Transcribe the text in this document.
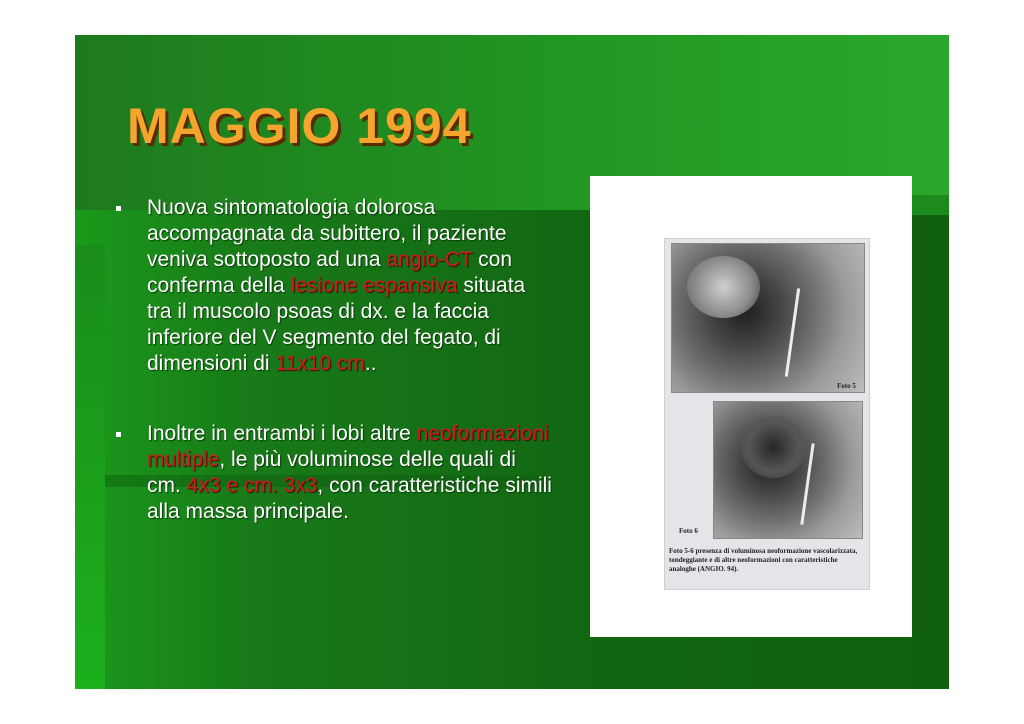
MAGGIO 1994
Nuova sintomatologia dolorosa accompagnata da subittero, il paziente veniva sottoposto ad una angio-CT con conferma della lesione espansiva situata tra il muscolo psoas di dx. e la faccia inferiore del V segmento del fegato, di dimensioni di 11x10 cm..
Inoltre in entrambi i lobi altre neoformazioni multiple, le più voluminose delle quali di cm. 4x3 e cm. 3x3, con caratteristiche simili alla massa principale.
Foto 5
Foto 6
Foto 5-6 presenza di voluminosa neoformazione vascolarizzata, tondeggiante e di altre neoformazioni con caratteristiche analoghe (ANGIO. 94).
